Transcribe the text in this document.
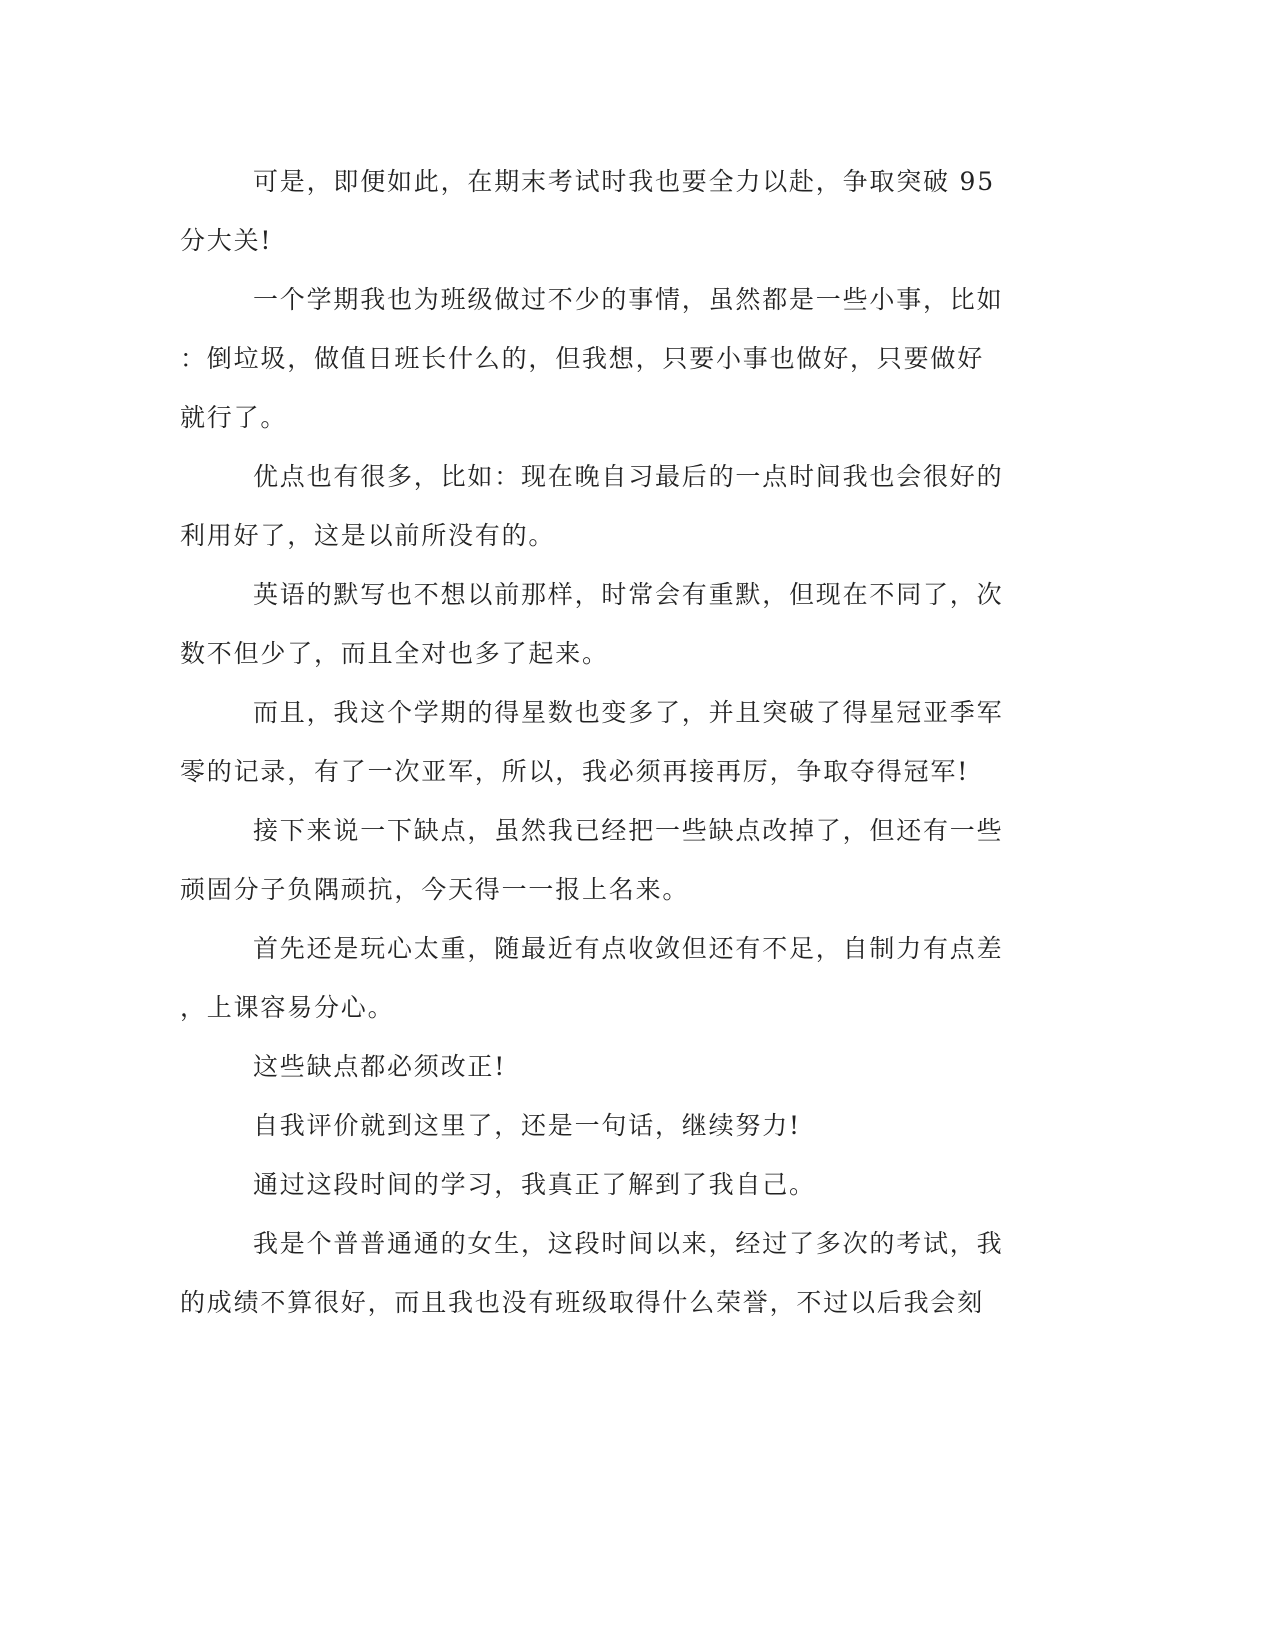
可是，即便如此，在期末考试时我也要全力以赴，争取突破 95
分大关!

一个学期我也为班级做过不少的事情，虽然都是一些小事，比如
：倒垃圾，做值日班长什么的，但我想，只要小事也做好，只要做好
就行了。

优点也有很多，比如：现在晚自习最后的一点时间我也会很好的
利用好了，这是以前所没有的。

英语的默写也不想以前那样，时常会有重默，但现在不同了，次
数不但少了，而且全对也多了起来。

而且，我这个学期的得星数也变多了，并且突破了得星冠亚季军
零的记录，有了一次亚军，所以，我必须再接再厉，争取夺得冠军!

接下来说一下缺点，虽然我已经把一些缺点改掉了，但还有一些
顽固分子负隅顽抗，今天得一一报上名来。

首先还是玩心太重，随最近有点收敛但还有不足，自制力有点差
，上课容易分心。

这些缺点都必须改正!

自我评价就到这里了，还是一句话，继续努力!

通过这段时间的学习，我真正了解到了我自己。

我是个普普通通的女生，这段时间以来，经过了多次的考试，我
的成绩不算很好，而且我也没有班级取得什么荣誉，不过以后我会刻
